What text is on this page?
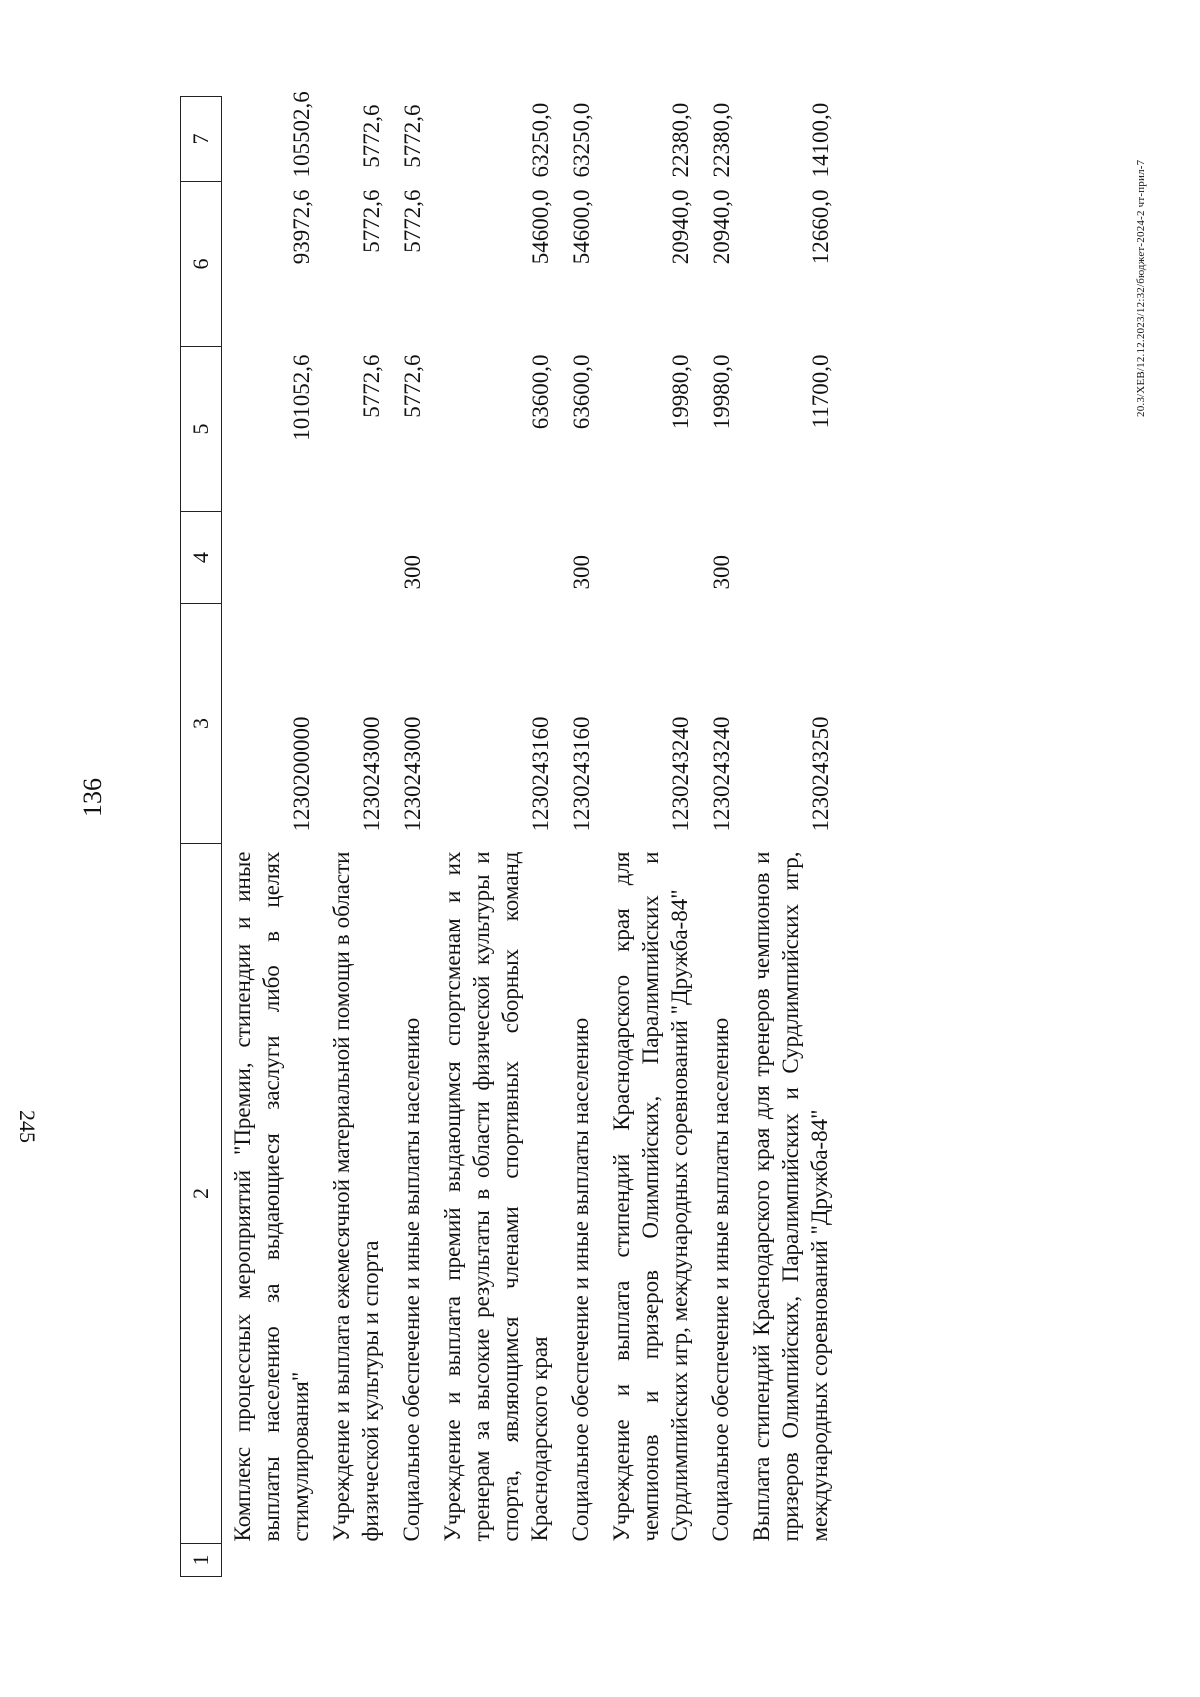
136
1	2	3	4	5	6	7
	Комплекс процессных мероприятий "Премии, стипендии и иные выплаты населению за выдающиеся заслуги либо в целях стимулирования"	1230200000		101052,6	93972,6	105502,6
	Учреждение и выплата ежемесячной материальной помощи в области физической культуры и спорта	1230243000		5772,6	5772,6	5772,6
	Социальное обеспечение и иные выплаты населению	1230243000	300	5772,6	5772,6	5772,6
	Учреждение и выплата премий выдающимся спортсменам и их тренерам за высокие результаты в области физической культуры и спорта, являющимся членами спортивных сборных команд Краснодарского края	1230243160		63600,0	54600,0	63250,0
	Социальное обеспечение и иные выплаты населению	1230243160	300	63600,0	54600,0	63250,0
	Учреждение и выплата стипендий Краснодарского края для чемпионов и призеров Олимпийских, Паралимпийских и Сурдлимпийских игр, международных соревнований "Дружба-84"	1230243240		19980,0	20940,0	22380,0
	Социальное обеспечение и иные выплаты населению	1230243240	300	19980,0	20940,0	22380,0
	Выплата стипендий Краснодарского края для тренеров чемпионов и призеров Олимпийских, Паралимпийских и Сурдлимпийских игр, международных соревнований "Дружба-84"	1230243250		11700,0	12660,0	14100,0
20.3/ХЕВ/12.12.2023/12:32/бюджет-2024-2 чт-прил-7
245
